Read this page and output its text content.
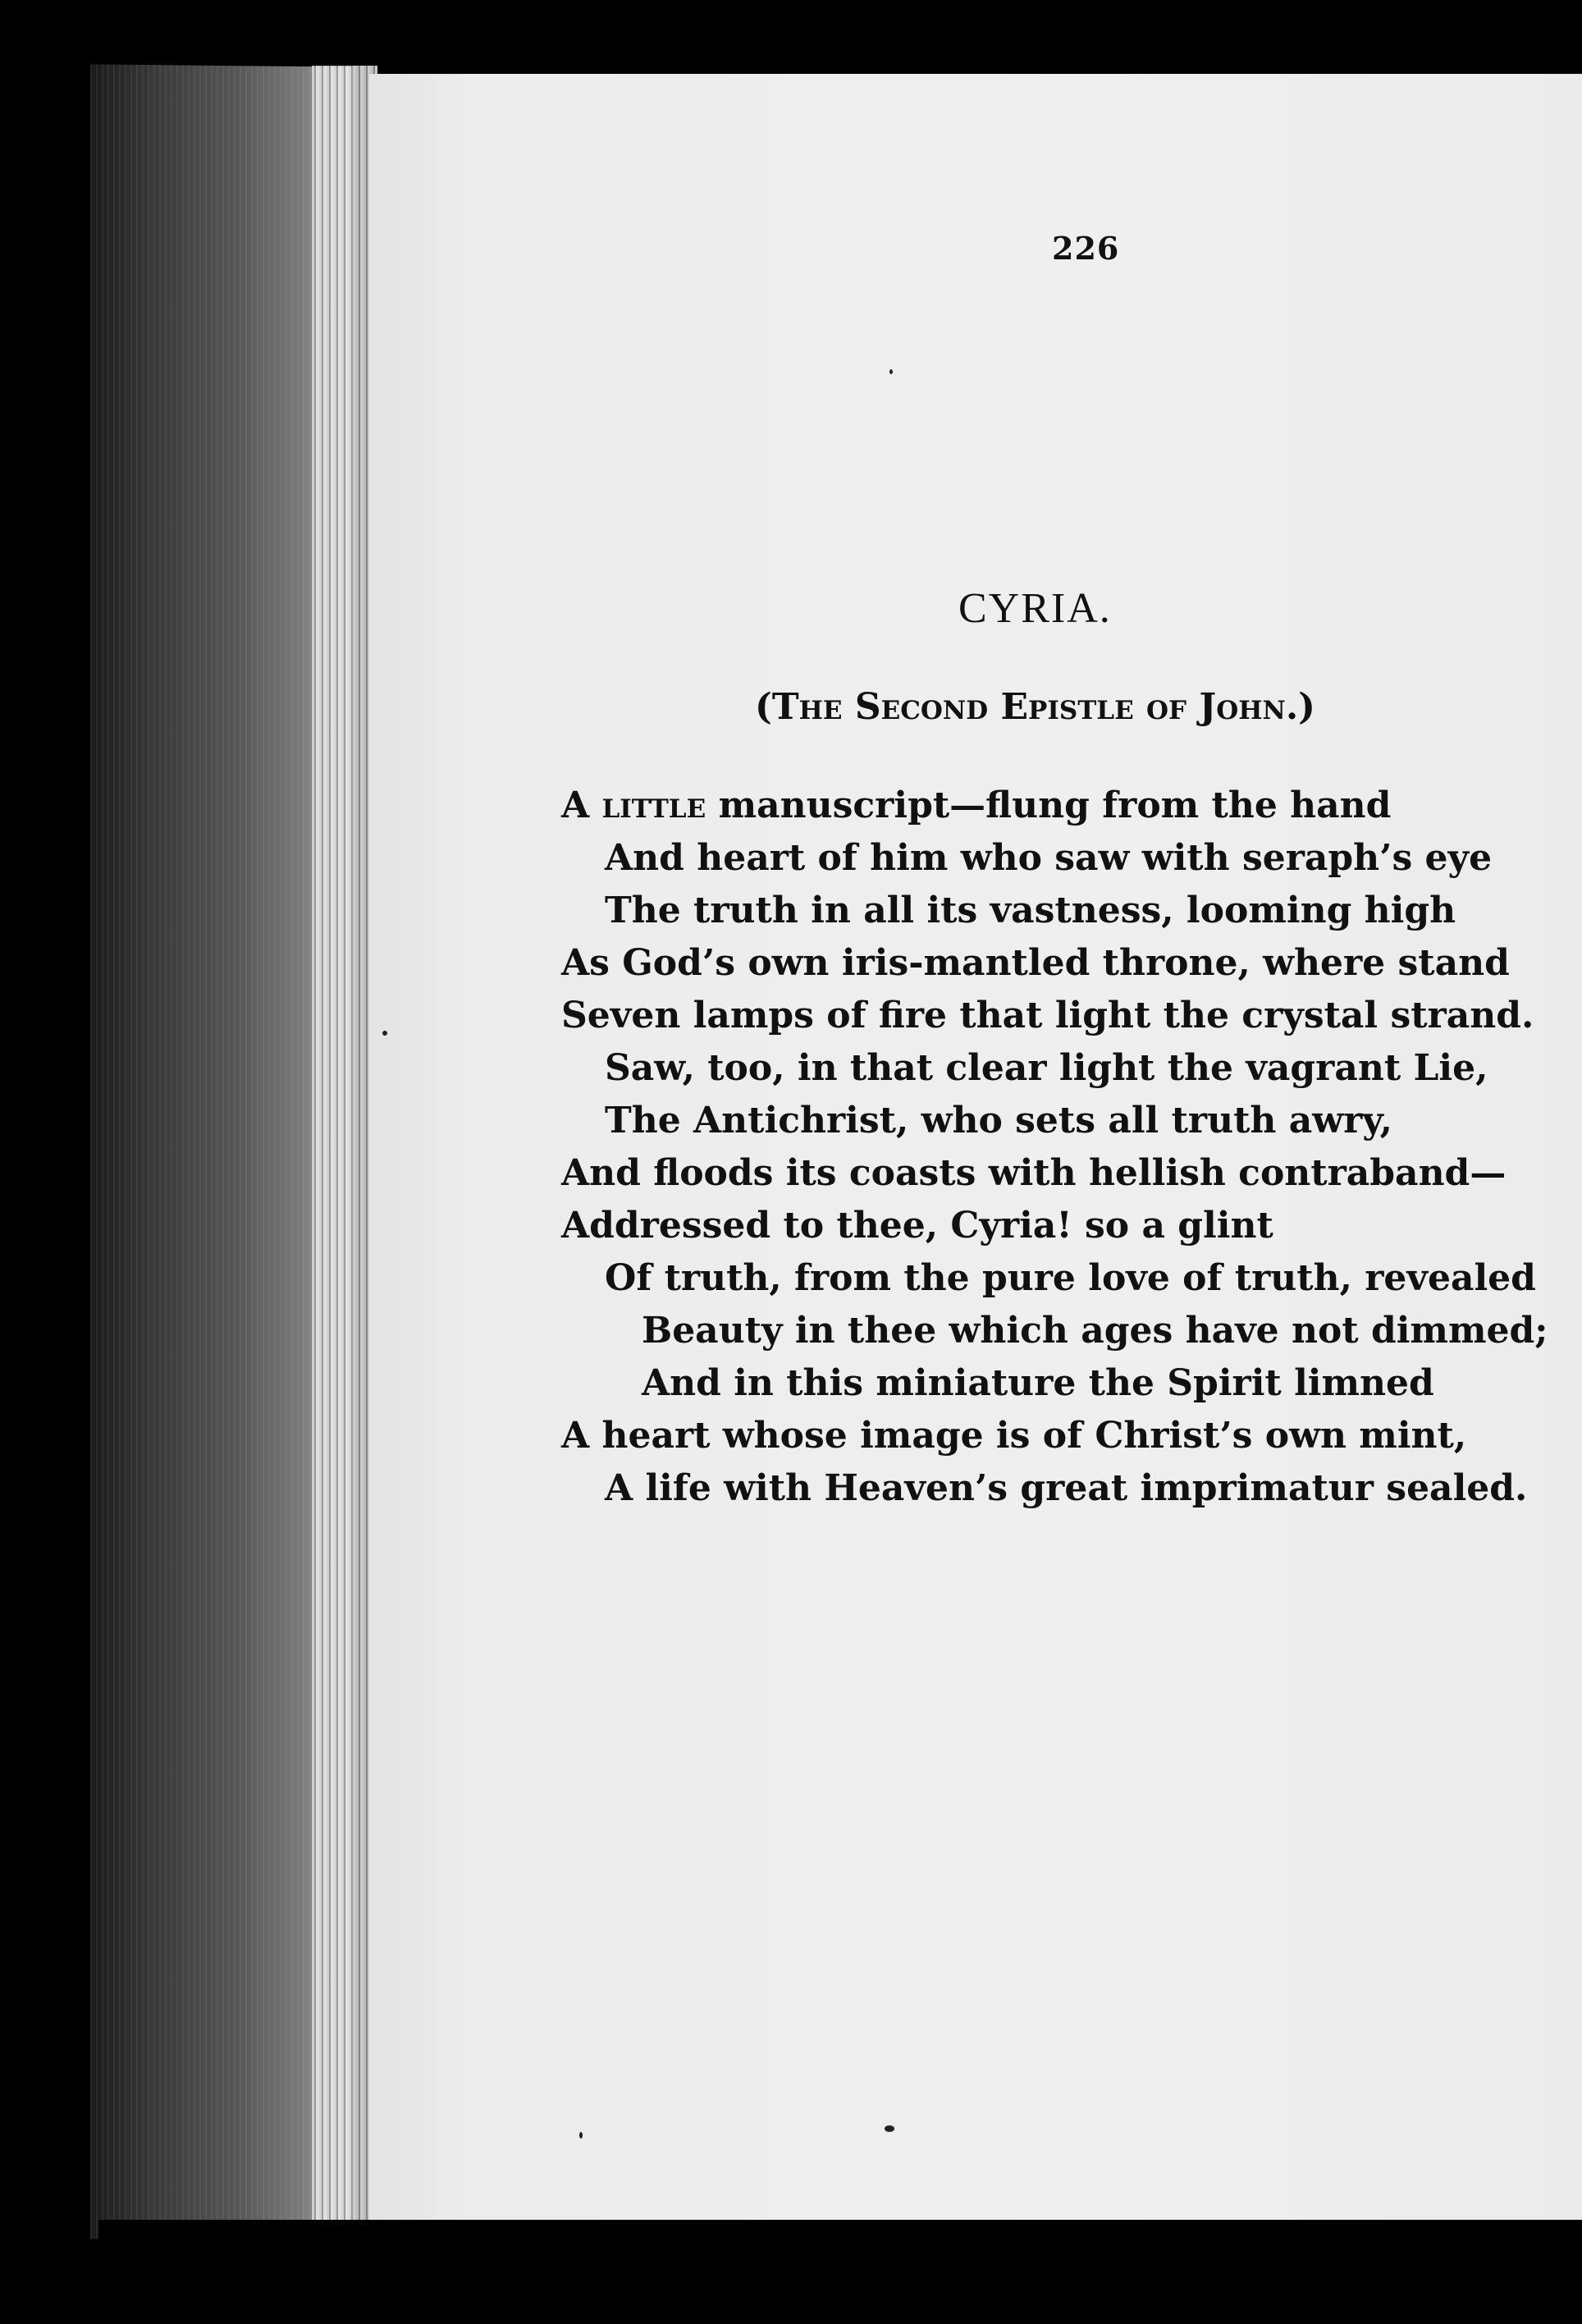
226
CYRIA.
(The Second Epistle of John.)
A little manuscript—flung from the hand
And heart of him who saw with seraph’s eye
The truth in all its vastness, looming high
As God’s own iris-mantled throne, where stand
Seven lamps of fire that light the crystal strand.
Saw, too, in that clear light the vagrant Lie,
The Antichrist, who sets all truth awry,
And floods its coasts with hellish contraband—
Addressed to thee, Cyria! so a glint
Of truth, from the pure love of truth, revealed
Beauty in thee which ages have not dimmed;
And in this miniature the Spirit limned
A heart whose image is of Christ’s own mint,
A life with Heaven’s great imprimatur sealed.
